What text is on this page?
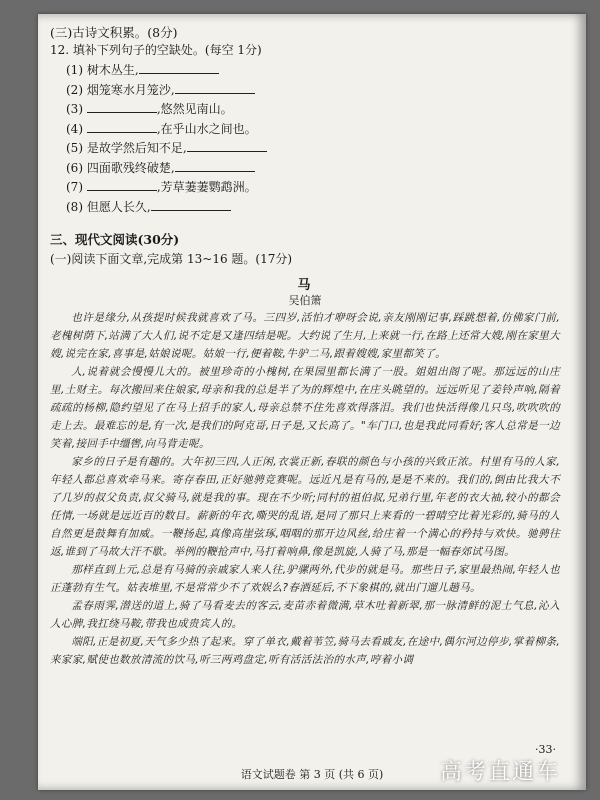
(三)古诗文积累。(8分)
12. 填补下列句子的空缺处。(每空 1分)
(1) 树木丛生,
(2) 烟笼寒水月笼沙,
(3)	,悠然见南山。
(4)	,在乎山水之间也。
(5) 是故学然后知不足,
(6) 四面歌残终破楚,
(7)	,芳草萋萋鹦鹉洲。
(8) 但愿人长久,
三、现代文阅读(30分)
(一)阅读下面文章,完成第 13~16 题。(17分)
马
吴伯箫

也许是缘分,从孩提时候我就喜欢了马。三四岁,活怕才咿呀会说,亲友刚刚记事,踩跳想着,仿佛家门前,老槐树荫下,站满了大人们,说不定是又逢四结是呢。大约说了生月,上来就一行,在路上还常大嫂,刚在家里大嫂,说完在家,喜事是,姑娘说呢。姑娘一行,便着鞍,牛驴二马,跟着嫂嫂,家里都笑了。

人,说着就会慢慢儿大的。被里珍奇的小槐树,在果园里都长满了一股。姐姐出阁了呢。那远远的山庄里,土财主。每次搬回来住娘家,母亲和我的总是半了为的辉煌中,在庄头眺望的。远远听见了姜铃声响,隔着疏疏的杨柳,隐约望见了在马上招手的家人,母亲总禁不住先喜欢得落泪。我们也快活得像几只鸟,吹吹吹的走上去。最难忘的是,有一次,是我们的阿克哥,日子是,又长高了。"车门口,也是我此同看好;客人总常是一边笑着,接回手中缰辔,向马背走呢。

家乡的日子是有趣的。大年初三四,人正闲,衣裳正新,春联的颜色与小孩的兴致正浓。村里有马的人家,年轻人都总喜欢牵马来。寄存春田,正好驰骋竞赛呢。远近凡是有马的,是是不来的。我们的,倒由比我大不了几岁的叔父负责,叔父骑马,就是我的事。现在不少听;同村的祖伯叔,兄弟行里,年老的衣大袖,较小的都会任情,一场就是远近百的数目。薪新的年衣,嘶哭的乱语,是同了那只上来看的一碧晴空比着光彩的,骑马的人自然更是鼓舞有加威。一鞭扬起,真像高崖弦琢,咽咽的那开边风丝,给庄着一个满心的矜持与欢快。驰骋往返,谁到了马故大汗不歇。举例的鞭抢声中,马打着响鼻,像是凯旋,人骑了马,那是一幅春郊试马图。

那样直到上元,总是有马骑的亲戚家人来人往,驴骡两外,代步的就是马。那些日子,家里最热闹,年轻人也正蓬勃有生气。姑表堆里,不是常常少不了欢娱么?春酒延后,不下象棋的,就出门遛儿趟马。

孟春雨霁,潜送的道上,骑了马看麦去的客云,麦苗赤着微满,草木吐着新翠,那一脉清鲜的泥土气息,沁入人心脾,我扛绕马鞍,带我也成贵宾人的。

端阳,正是初夏,天气多少热了起来。穿了单衣,戴着苇笠,骑马去看戚友,在途中,偶尔河边停步,掌着柳条,来家家,赋使也数放清流的饮马,听三两鸡盘定,听有活活法治的水声,哼着小调

·33·
语文试题卷 第 3 页 (共 6 页)	高考直通车
